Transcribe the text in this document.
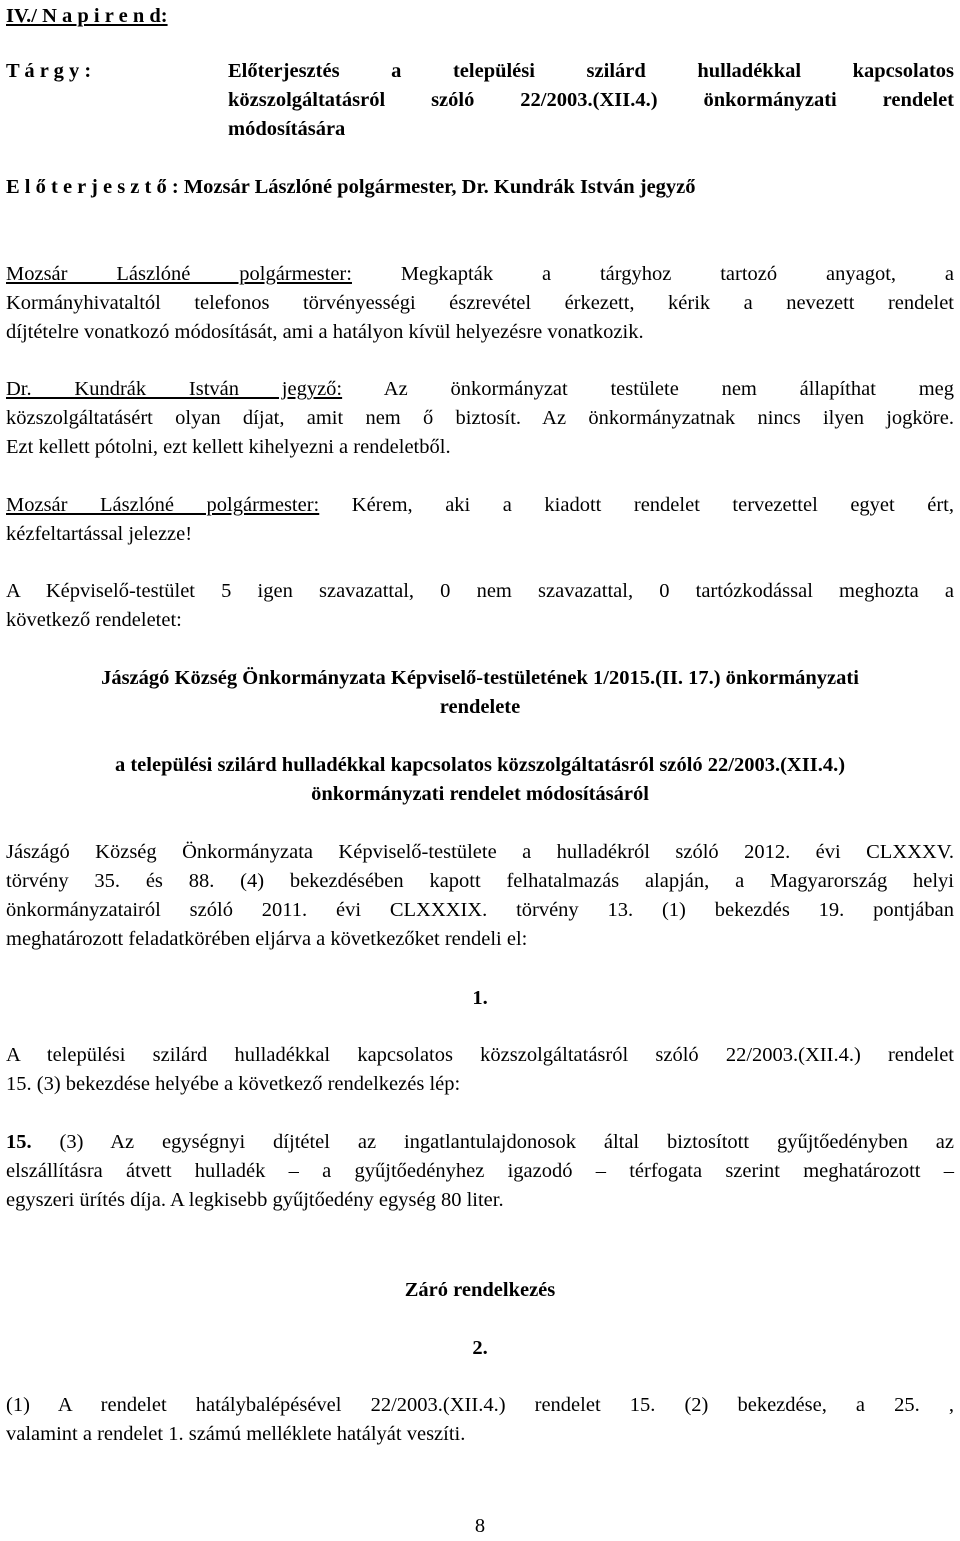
IV./ N a p i r e n d:
T á r g y :	Előterjesztés a települési szilárd hulladékkal kapcsolatos
közszolgáltatásról szóló 22/2003.(XII.4.) önkormányzati rendelet
módosítására
E l ő t e r j e s z t ő : Mozsár Lászlóné polgármester, Dr. Kundrák István jegyző
Mozsár Lászlóné polgármester: Megkapták a tárgyhoz tartozó anyagot, a
Kormányhivataltól telefonos törvényességi észrevétel érkezett, kérik a nevezett rendelet
díjtételre vonatkozó módosítását, ami a hatályon kívül helyezésre vonatkozik.
Dr. Kundrák István jegyző: Az önkormányzat testülete nem állapíthat meg
közszolgáltatásért olyan díjat, amit nem ő biztosít. Az önkormányzatnak nincs ilyen jogköre.
Ezt kellett pótolni, ezt kellett kihelyezni a rendeletből.
Mozsár Lászlóné polgármester: Kérem, aki a kiadott rendelet tervezettel egyet ért,
kézfeltartással jelezze!
A Képviselő-testület 5 igen szavazattal, 0 nem szavazattal, 0 tartózkodással meghozta a
következő rendeletet:
Jászágó Község Önkormányzata Képviselő-testületének 1/2015.(II. 17.) önkormányzati
rendelete
a települési szilárd hulladékkal kapcsolatos közszolgáltatásról szóló 22/2003.(XII.4.)
önkormányzati rendelet módosításáról
Jászágó Község Önkormányzata Képviselő-testülete a hulladékról szóló 2012. évi CLXXXV.
törvény 35. és 88. (4) bekezdésében kapott felhatalmazás alapján, a Magyarország helyi
önkormányzatairól szóló 2011. évi CLXXXIX. törvény 13. (1) bekezdés 19. pontjában
meghatározott feladatkörében eljárva a következőket rendeli el:
1.
A települési szilárd hulladékkal kapcsolatos közszolgáltatásról szóló 22/2003.(XII.4.) rendelet
15. (3) bekezdése helyébe a következő rendelkezés lép:
15. (3) Az egységnyi díjtétel az ingatlantulajdonosok által biztosított gyűjtőedényben az
elszállításra átvett hulladék – a gyűjtőedényhez igazodó – térfogata szerint meghatározott –
egyszeri ürítés díja. A legkisebb gyűjtőedény egység 80 liter.
Záró rendelkezés
2.
(1) A rendelet hatálybalépésével 22/2003.(XII.4.) rendelet 15. (2) bekezdése, a 25. ,
valamint a rendelet 1. számú melléklete hatályát veszíti.
8
